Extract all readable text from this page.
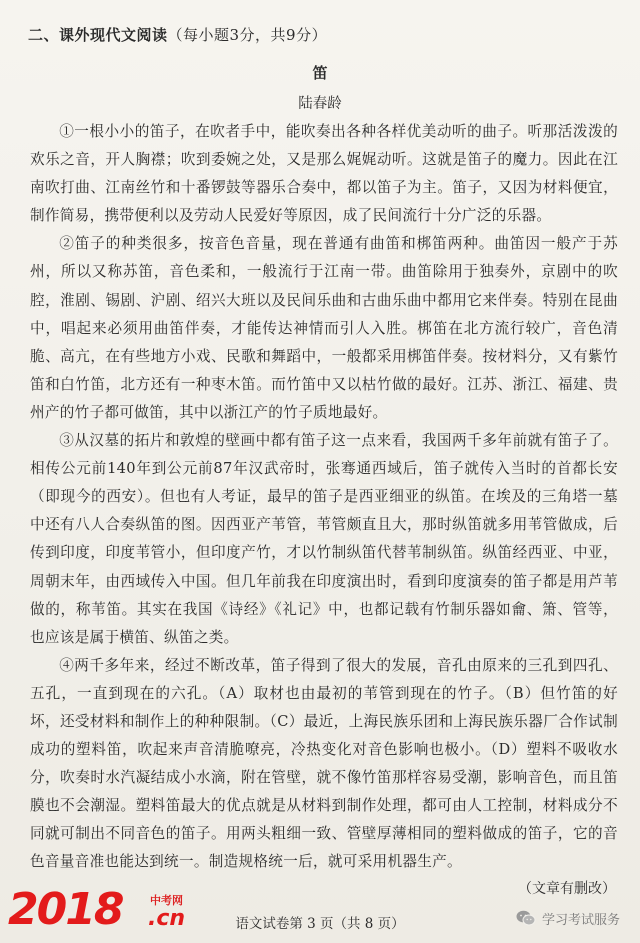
二、课外现代文阅读（每小题3分，共9分）
笛
陆春龄

①一根小小的笛子，在吹者手中，能吹奏出各种各样优美动听的曲子。听那活泼泼的欢乐之音，开人胸襟；吹到委婉之处，又是那么娓娓动听。这就是笛子的魔力。因此在江南吹打曲、江南丝竹和十番锣鼓等器乐合奏中，都以笛子为主。笛子，又因为材料便宜，制作简易，携带便利以及劳动人民爱好等原因，成了民间流行十分广泛的乐器。

②笛子的种类很多，按音色音量，现在普通有曲笛和梆笛两种。曲笛因一般产于苏州，所以又称苏笛，音色柔和，一般流行于江南一带。曲笛除用于独奏外，京剧中的吹腔，淮剧、锡剧、沪剧、绍兴大班以及民间乐曲和古曲乐曲中都用它来伴奏。特别在昆曲中，唱起来必须用曲笛伴奏，才能传达神情而引人入胜。梆笛在北方流行较广，音色清脆、高亢，在有些地方小戏、民歌和舞蹈中，一般都采用梆笛伴奏。按材料分，又有紫竹笛和白竹笛，北方还有一种枣木笛。而竹笛中又以枯竹做的最好。江苏、浙江、福建、贵州产的竹子都可做笛，其中以浙江产的竹子质地最好。

③从汉墓的拓片和敦煌的壁画中都有笛子这一点来看，我国两千多年前就有笛子了。相传公元前140年到公元前87年汉武帝时，张骞通西域后，笛子就传入当时的首都长安（即现今的西安）。但也有人考证，最早的笛子是西亚细亚的纵笛。在埃及的三角塔一墓中还有八人合奏纵笛的图。因西亚产苇管，苇管颇直且大，那时纵笛就多用苇管做成，后传到印度，印度苇管小，但印度产竹，才以竹制纵笛代替苇制纵笛。纵笛经西亚、中亚，周朝末年，由西域传入中国。但几年前我在印度演出时，看到印度演奏的笛子都是用芦苇做的，称苇笛。其实在我国《诗经》《礼记》中，也都记载有竹制乐器如龠、箫、管等，也应该是属于横笛、纵笛之类。

④两千多年来，经过不断改革，笛子得到了很大的发展，音孔由原来的三孔到四孔、五孔，一直到现在的六孔。（A）取材也由最初的苇管到现在的竹子。（B）但竹笛的好坏，还受材料和制作上的种种限制。（C）最近，上海民族乐团和上海民族乐器厂合作试制成功的塑料笛，吹起来声音清脆嘹亮，冷热变化对音色影响也极小。（D）塑料不吸收水分，吹奏时水汽凝结成小水滴，附在管壁，就不像竹笛那样容易受潮，影响音色，而且笛膜也不会潮湿。塑料笛最大的优点就是从材料到制作处理，都可由人工控制，材料成分不同就可制出不同音色的笛子。用两头粗细一致、管壁厚薄相同的塑料做成的笛子，它的音色音量音准也能达到统一。制造规格统一后，就可采用机器生产。

（文章有删改）
语文试卷第 3 页（共 8 页）
2018	中考网
.cn	学习考试服务
